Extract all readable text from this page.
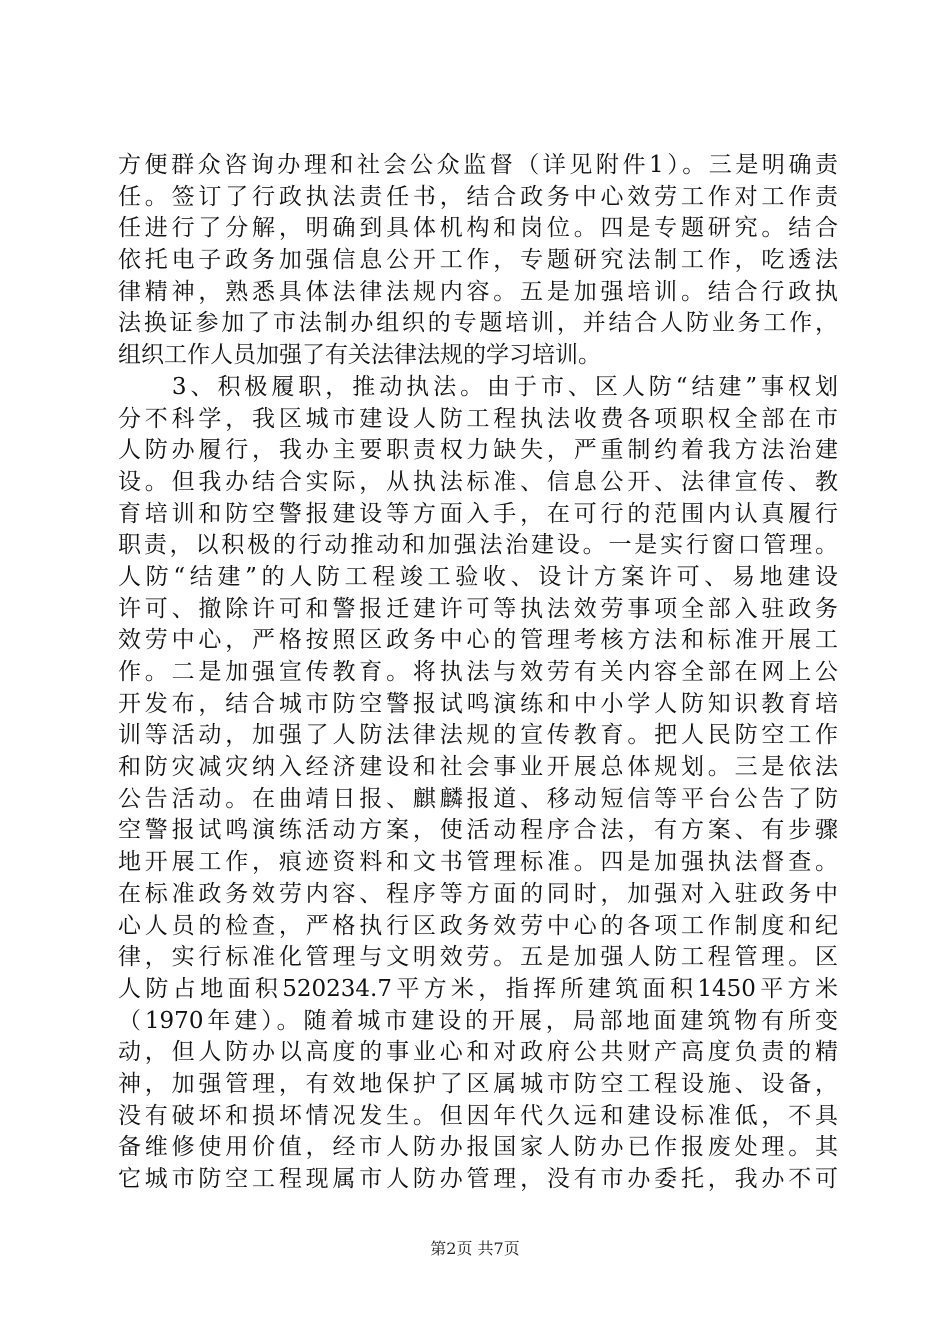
方便群众咨询办理和社会公众监督（详见附件1）。三是明确责
任。签订了行政执法责任书，结合政务中心效劳工作对工作责
任进行了分解，明确到具体机构和岗位。四是专题研究。结合
依托电子政务加强信息公开工作，专题研究法制工作，吃透法
律精神，熟悉具体法律法规内容。五是加强培训。结合行政执
法换证参加了市法制办组织的专题培训，并结合人防业务工作，
组织工作人员加强了有关法律法规的学习培训。
　　3、积极履职，推动执法。由于市、区人防“结建”事权划
分不科学，我区城市建设人防工程执法收费各项职权全部在市
人防办履行，我办主要职责权力缺失，严重制约着我方法治建
设。但我办结合实际，从执法标准、信息公开、法律宣传、教
育培训和防空警报建设等方面入手，在可行的范围内认真履行
职责，以积极的行动推动和加强法治建设。一是实行窗口管理。
人防“结建”的人防工程竣工验收、设计方案许可、易地建设
许可、撤除许可和警报迁建许可等执法效劳事项全部入驻政务
效劳中心，严格按照区政务中心的管理考核方法和标准开展工
作。二是加强宣传教育。将执法与效劳有关内容全部在网上公
开发布，结合城市防空警报试鸣演练和中小学人防知识教育培
训等活动，加强了人防法律法规的宣传教育。把人民防空工作
和防灾减灾纳入经济建设和社会事业开展总体规划。三是依法
公告活动。在曲靖日报、麒麟报道、移动短信等平台公告了防
空警报试鸣演练活动方案，使活动程序合法，有方案、有步骤
地开展工作，痕迹资料和文书管理标准。四是加强执法督查。
在标准政务效劳内容、程序等方面的同时，加强对入驻政务中
心人员的检查，严格执行区政务效劳中心的各项工作制度和纪
律，实行标准化管理与文明效劳。五是加强人防工程管理。区
人防占地面积520234.7平方米，指挥所建筑面积1450平方米
（1970年建）。随着城市建设的开展，局部地面建筑物有所变
动，但人防办以高度的事业心和对政府公共财产高度负责的精
神，加强管理，有效地保护了区属城市防空工程设施、设备，
没有破坏和损坏情况发生。但因年代久远和建设标准低，不具
备维修使用价值，经市人防办报国家人防办已作报废处理。其
它城市防空工程现属市人防办管理，没有市办委托，我办不可
第2页 共7页
